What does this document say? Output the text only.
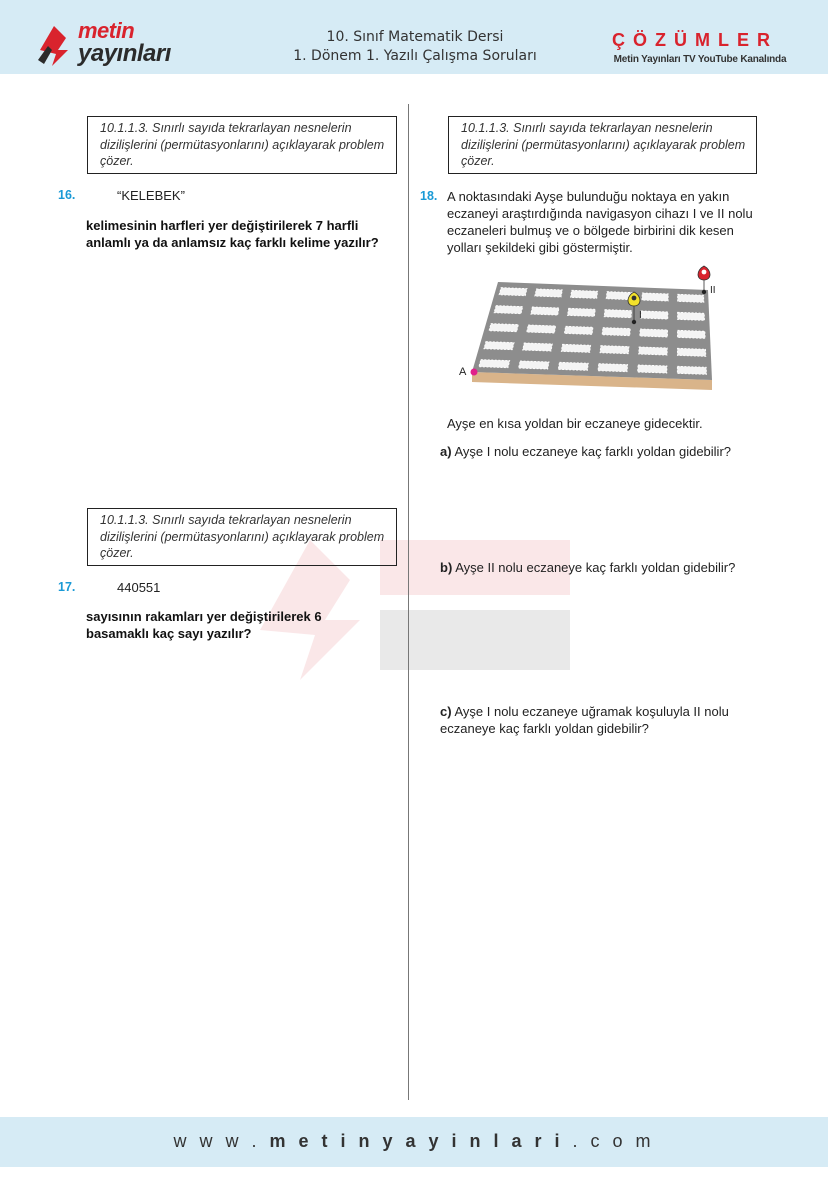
metin
yayınları
10. Sınıf Matematik Dersi
1. Dönem 1. Yazılı Çalışma Soruları
ÇÖZÜMLER
Metin Yayınları TV YouTube Kanalında
10.1.1.3. Sınırlı sayıda tekrarlayan nesnelerin dizilişlerini (permütasyonlarını) açıklayarak problem çözer.
16.	“KELEBEK”
kelimesinin harfleri yer değiştirilerek 7 harfli anlamlı ya da anlamsız kaç farklı kelime yazılır?
10.1.1.3. Sınırlı sayıda tekrarlayan nesnelerin dizilişlerini (permütasyonlarını) açıklayarak problem çözer.
17.	440551
sayısının rakamları yer değiştirilerek 6 basamaklı kaç sayı yazılır?
10.1.1.3. Sınırlı sayıda tekrarlayan nesnelerin dizilişlerini (permütasyonlarını) açıklayarak problem çözer.
18. A noktasındaki Ayşe bulunduğu noktaya en yakın eczaneyi araştırdığında navigasyon cihazı I ve II nolu eczaneleri bulmuş ve o bölgede birbirini dik kesen yolları şekildeki gibi göstermiştir.
A
I
II
Ayşe en kısa yoldan bir eczaneye gidecektir.
a) Ayşe I nolu eczaneye kaç farklı yoldan gidebilir?
b) Ayşe II nolu eczaneye kaç farklı yoldan gidebilir?
c) Ayşe I nolu eczaneye uğramak koşuluyla II nolu eczaneye kaç farklı yoldan gidebilir?
w w w . m e t i n y a y i n l a r i . c o m
